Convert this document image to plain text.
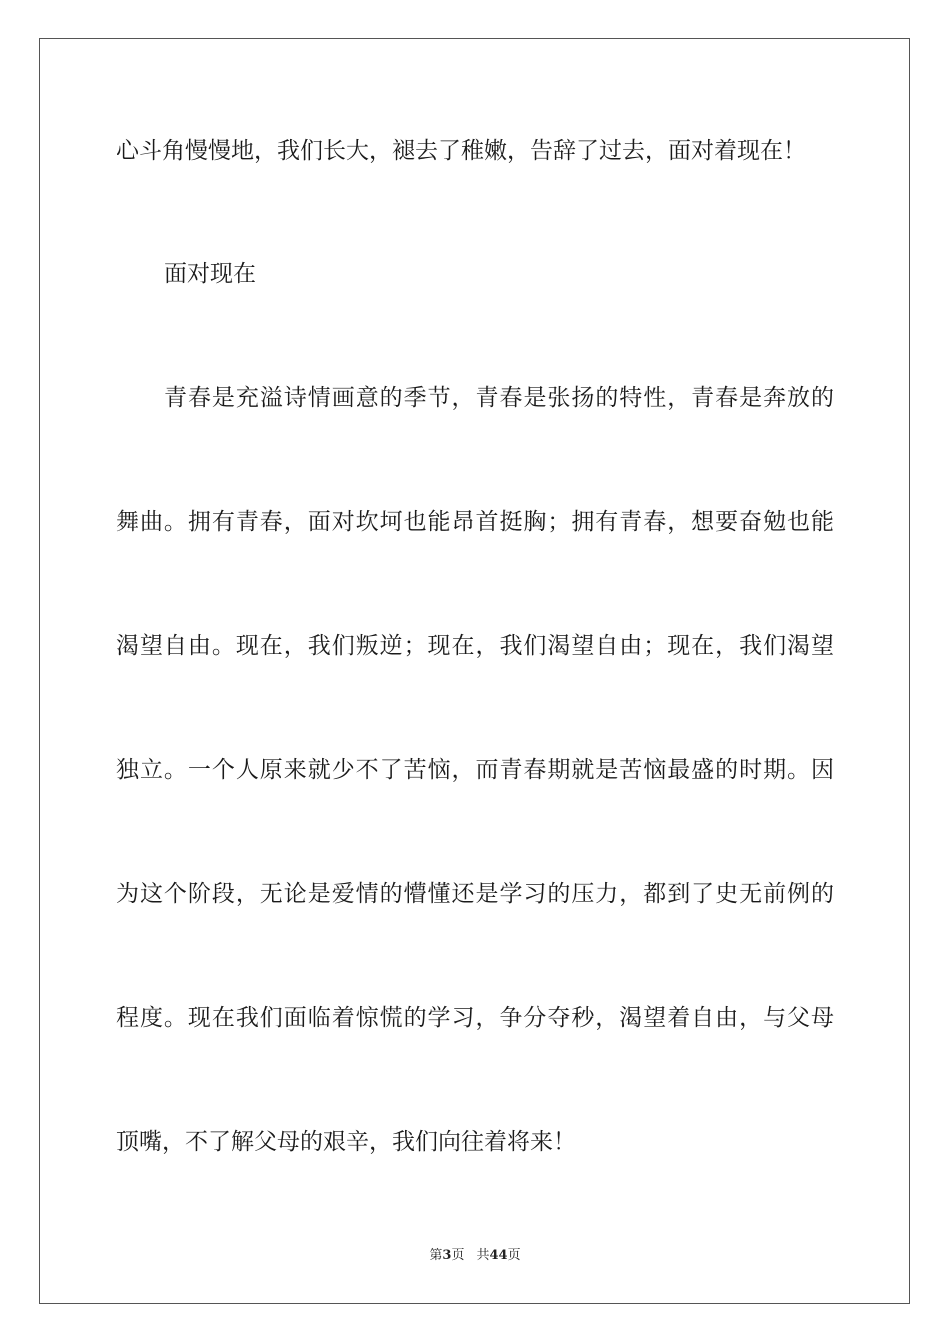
心斗角慢慢地，我们长大，褪去了稚嫩，告辞了过去，面对着现在！
面对现在
青春是充溢诗情画意的季节，青春是张扬的特性，青春是奔放的
舞曲。拥有青春，面对坎坷也能昂首挺胸；拥有青春，想要奋勉也能
渴望自由。现在，我们叛逆；现在，我们渴望自由；现在，我们渴望
独立。一个人原来就少不了苦恼，而青春期就是苦恼最盛的时期。因
为这个阶段，无论是爱情的懵懂还是学习的压力，都到了史无前例的
程度。现在我们面临着惊慌的学习，争分夺秒，渴望着自由，与父母
顶嘴，不了解父母的艰辛，我们向往着将来！
第3页 共44页
